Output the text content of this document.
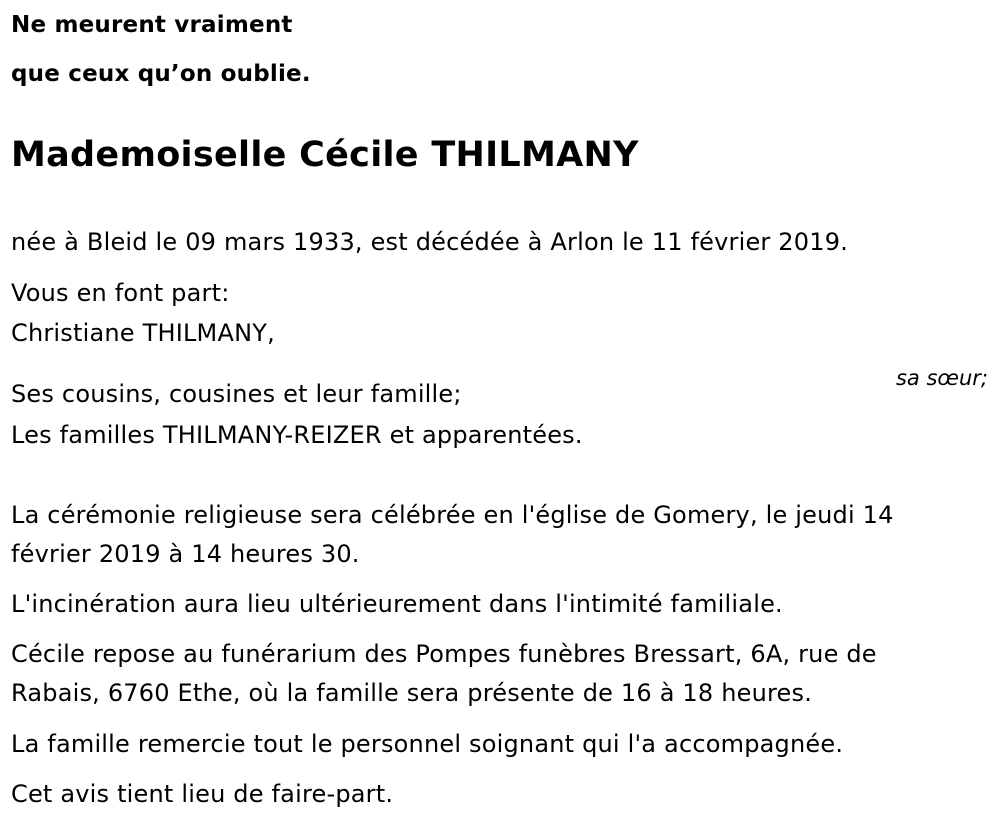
Ne meurent vraiment

que ceux qu’on oublie.

Mademoiselle Cécile THILMANY

née à Bleid le 09 mars 1933, est décédée à Arlon le 11 février 2019.

Vous en font part:

Christiane THILMANY,

sa sœur;

Ses cousins, cousines et leur famille;

Les familles THILMANY-REIZER et apparentées.

La cérémonie religieuse sera célébrée en l'église de Gomery, le jeudi 14

février 2019 à 14 heures 30.

L'incinération aura lieu ultérieurement dans l'intimité familiale.

Cécile repose au funérarium des Pompes funèbres Bressart, 6A, rue de

Rabais, 6760 Ethe, où la famille sera présente de 16 à 18 heures.

La famille remercie tout le personnel soignant qui l'a accompagnée.

Cet avis tient lieu de faire-part.
